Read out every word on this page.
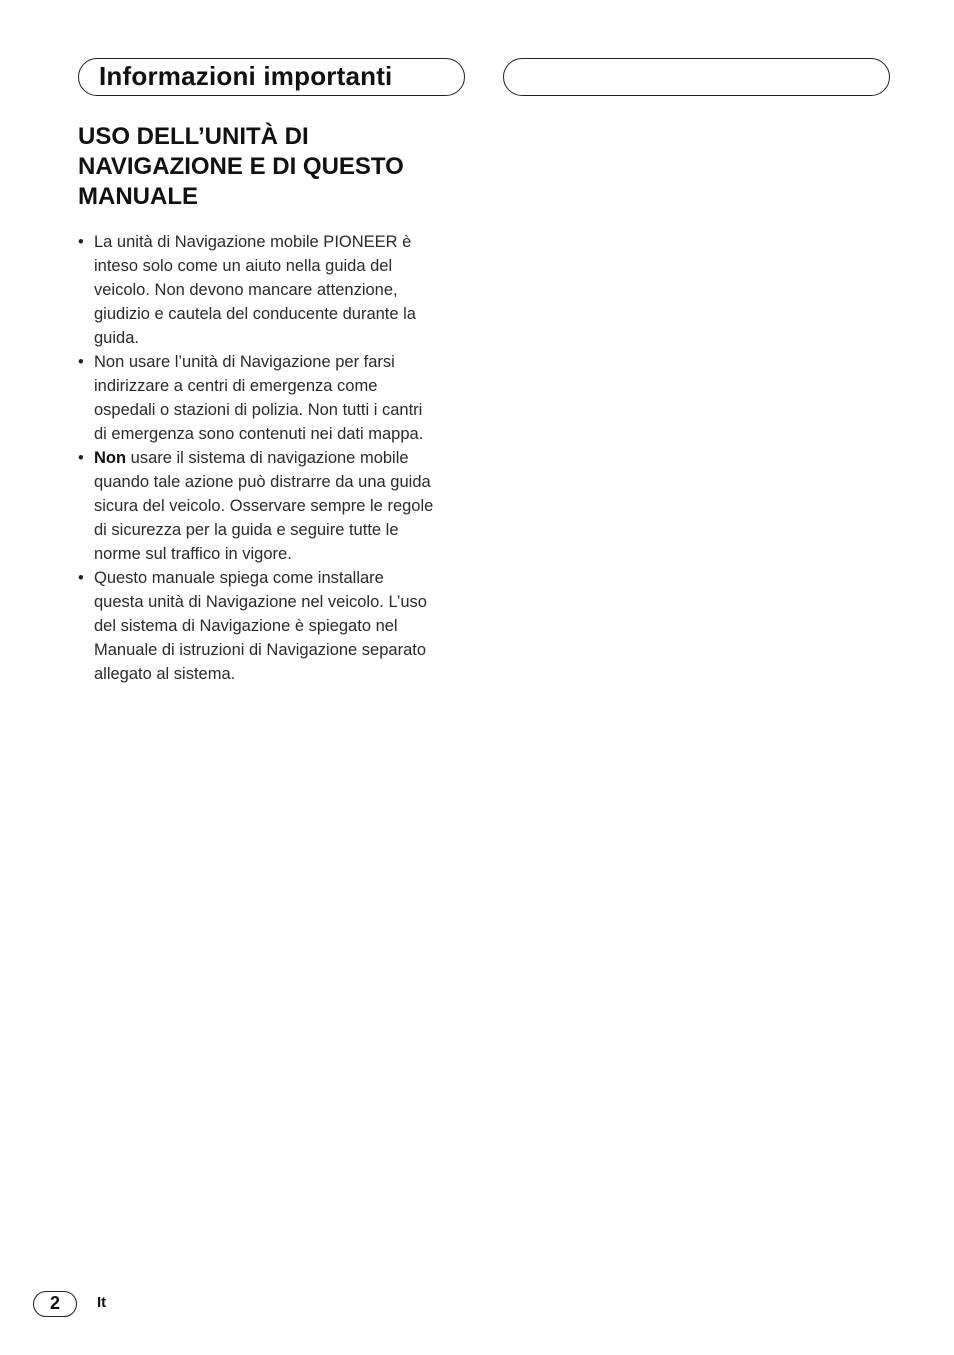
Informazioni importanti
USO DELL’UNITÀ DI
NAVIGAZIONE E DI QUESTO
MANUALE
• La unità di Navigazione mobile PIONEER è
inteso solo come un aiuto nella guida del
veicolo. Non devono mancare attenzione,
giudizio e cautela del conducente durante la
guida.
• Non usare l’unità di Navigazione per farsi
indirizzare a centri di emergenza come
ospedali o stazioni di polizia. Non tutti i cantri
di emergenza sono contenuti nei dati mappa.
• Non usare il sistema di navigazione mobile
quando tale azione può distrarre da una guida
sicura del veicolo. Osservare sempre le regole
di sicurezza per la guida e seguire tutte le
norme sul traffico in vigore.
• Questo manuale spiega come installare
questa unità di Navigazione nel veicolo. L’uso
del sistema di Navigazione è spiegato nel
Manuale di istruzioni di Navigazione separato
allegato al sistema.
2	It
